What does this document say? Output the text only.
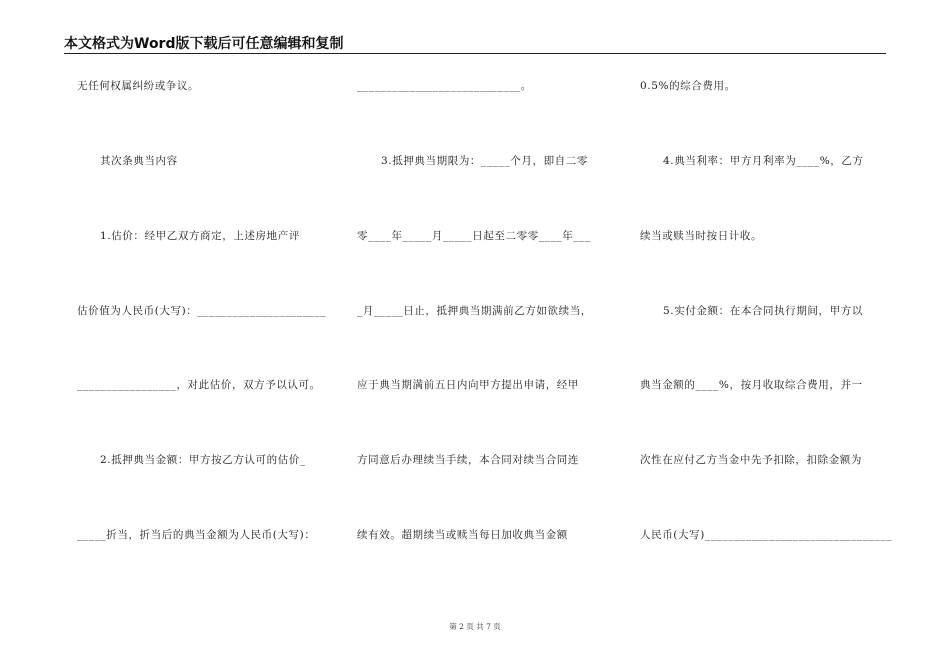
本文格式为Word版下载后可任意编辑和复制
无任何权属纠纷或争议。
其次条典当内容
1.估价：经甲乙双方商定，上述房地产评
估价值为人民币(大写)：______________________
_________________，对此估价，双方予以认可。
2.抵押典当金额：甲方按乙方认可的估价_
_____折当，折当后的典当金额为人民币(大写)：
____________________________。
3.抵押典当期限为：_____个月，即自二零
零____年_____月_____日起至二零零____年___
_月_____日止，抵押典当期满前乙方如欲续当，
应于典当期满前五日内向甲方提出申请，经甲
方同意后办理续当手续，本合同对续当合同连
续有效。超期续当或赎当每日加收典当金额
0.5%的综合费用。
4.典当利率：甲方月利率为____%，乙方
续当或赎当时按日计收。
5.实付金额：在本合同执行期间，甲方以
典当金额的____%，按月收取综合费用，并一
次性在应付乙方当金中先予扣除，扣除金额为
人民币(大写)________________________________
第 2 页 共 7 页
